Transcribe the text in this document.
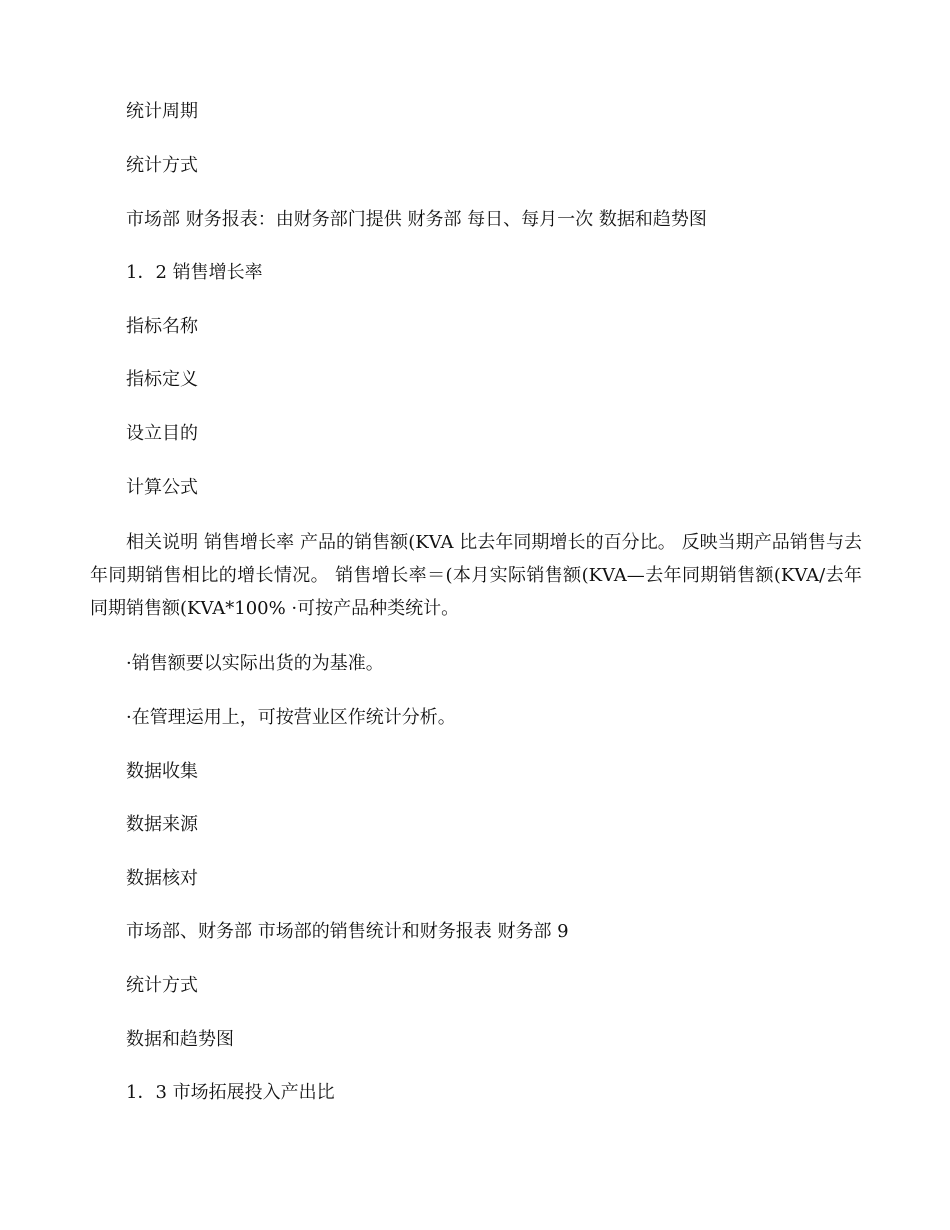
统计周期
统计方式
市场部 财务报表：由财务部门提供 财务部 每日、每月一次 数据和趋势图
1．2 销售增长率
指标名称
指标定义
设立目的
计算公式
相关说明 销售增长率 产品的销售额(KVA 比去年同期增长的百分比。 反映当期产品销售与去年同期销售相比的增长情况。 销售增长率＝(本月实际销售额(KVA—去年同期销售额(KVA/去年同期销售额(KVA*100% ·可按产品种类统计。
·销售额要以实际出货的为基准。
·在管理运用上，可按营业区作统计分析。
数据收集
数据来源
数据核对
市场部、财务部 市场部的销售统计和财务报表 财务部 9
统计方式
数据和趋势图
1．3 市场拓展投入产出比
